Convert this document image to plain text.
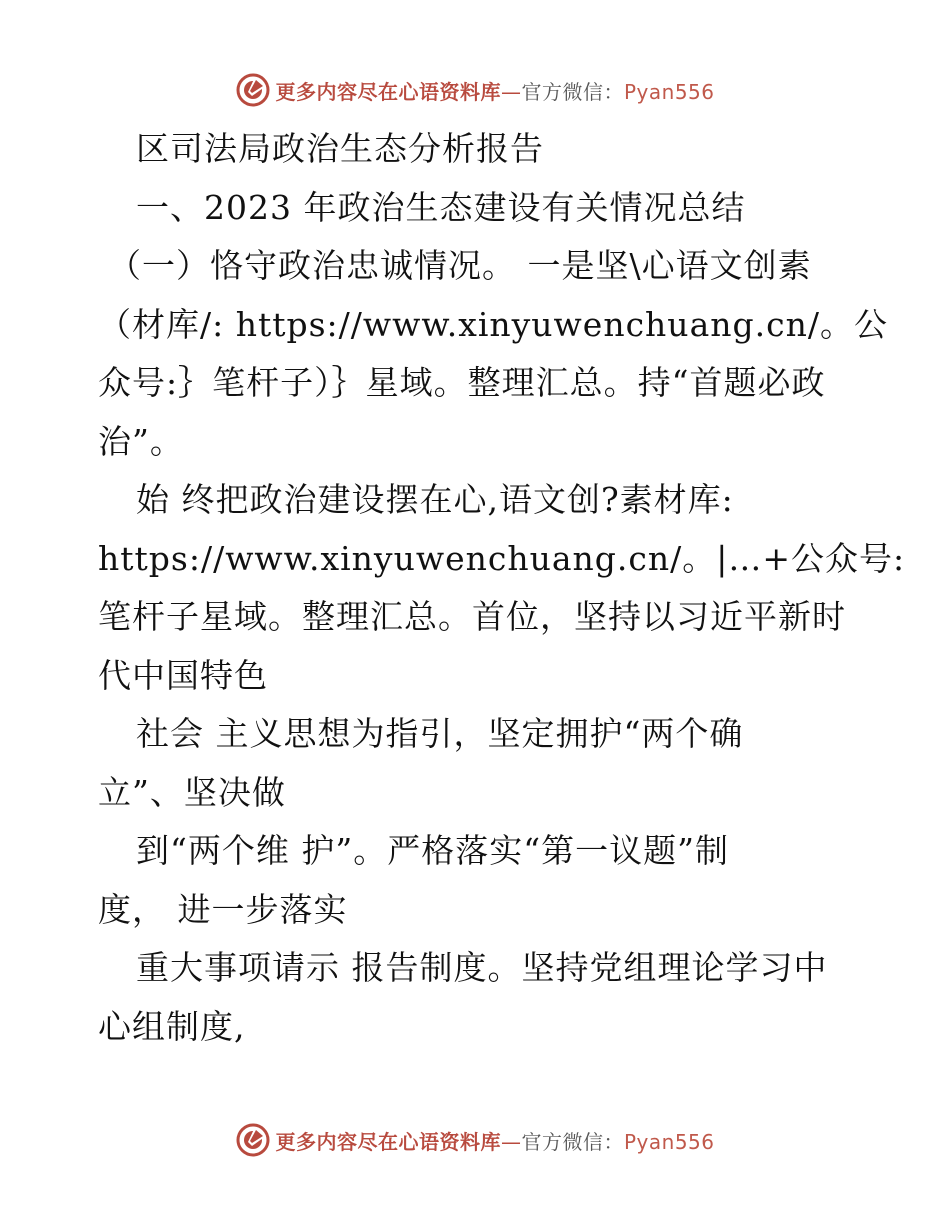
更多内容尽在心语资料库—官方微信：Pyan556
区司法局政治生态分析报告
一、2023 年政治生态建设有关情况总结
（一）恪守政治忠诚情况。 一是坚\心语文创素
（材库/: https://www.xinyuwenchuang.cn/。公
众号:｝笔杆子）｝星域。整理汇总。持“首题必政
治”。
始 终把政治建设摆在心,语文创?素材库:
https://www.xinyuwenchuang.cn/。|…+公众号:
笔杆子星域。整理汇总。首位，坚持以习近平新时
代中国特色
社会 主义思想为指引，坚定拥护“两个确
立”、坚决做
到“两个维 护”。严格落实“第一议题”制
度， 进一步落实
重大事项请示 报告制度。坚持党组理论学习中
心组制度,
更多内容尽在心语资料库—官方微信：Pyan556
